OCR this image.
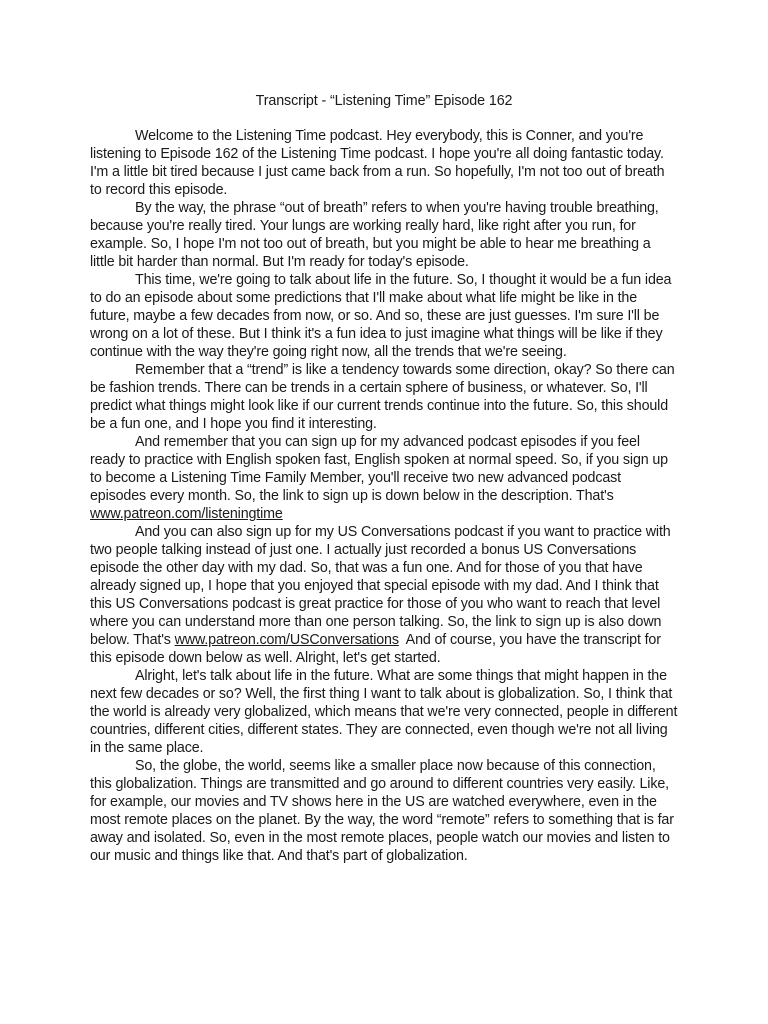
Transcript - “Listening Time” Episode 162

Welcome to the Listening Time podcast. Hey everybody, this is Conner, and you're listening to Episode 162 of the Listening Time podcast. I hope you're all doing fantastic today. I'm a little bit tired because I just came back from a run. So hopefully, I'm not too out of breath to record this episode.

By the way, the phrase “out of breath” refers to when you're having trouble breathing, because you're really tired. Your lungs are working really hard, like right after you run, for example. So, I hope I'm not too out of breath, but you might be able to hear me breathing a little bit harder than normal. But I'm ready for today's episode.

This time, we're going to talk about life in the future. So, I thought it would be a fun idea to do an episode about some predictions that I'll make about what life might be like in the future, maybe a few decades from now, or so. And so, these are just guesses. I'm sure I'll be wrong on a lot of these. But I think it's a fun idea to just imagine what things will be like if they continue with the way they're going right now, all the trends that we're seeing.

Remember that a “trend” is like a tendency towards some direction, okay? So there can be fashion trends. There can be trends in a certain sphere of business, or whatever. So, I'll predict what things might look like if our current trends continue into the future. So, this should be a fun one, and I hope you find it interesting.

And remember that you can sign up for my advanced podcast episodes if you feel ready to practice with English spoken fast, English spoken at normal speed. So, if you sign up to become a Listening Time Family Member, you'll receive two new advanced podcast episodes every month. So, the link to sign up is down below in the description. That's www.patreon.com/listeningtime

And you can also sign up for my US Conversations podcast if you want to practice with two people talking instead of just one. I actually just recorded a bonus US Conversations episode the other day with my dad. So, that was a fun one. And for those of you that have already signed up, I hope that you enjoyed that special episode with my dad. And I think that this US Conversations podcast is great practice for those of you who want to reach that level where you can understand more than one person talking. So, the link to sign up is also down below. That's www.patreon.com/USConversations  And of course, you have the transcript for this episode down below as well. Alright, let's get started.

Alright, let's talk about life in the future. What are some things that might happen in the next few decades or so? Well, the first thing I want to talk about is globalization. So, I think that the world is already very globalized, which means that we're very connected, people in different countries, different cities, different states. They are connected, even though we're not all living in the same place.

So, the globe, the world, seems like a smaller place now because of this connection, this globalization. Things are transmitted and go around to different countries very easily. Like, for example, our movies and TV shows here in the US are watched everywhere, even in the most remote places on the planet. By the way, the word “remote” refers to something that is far away and isolated. So, even in the most remote places, people watch our movies and listen to our music and things like that. And that's part of globalization.
